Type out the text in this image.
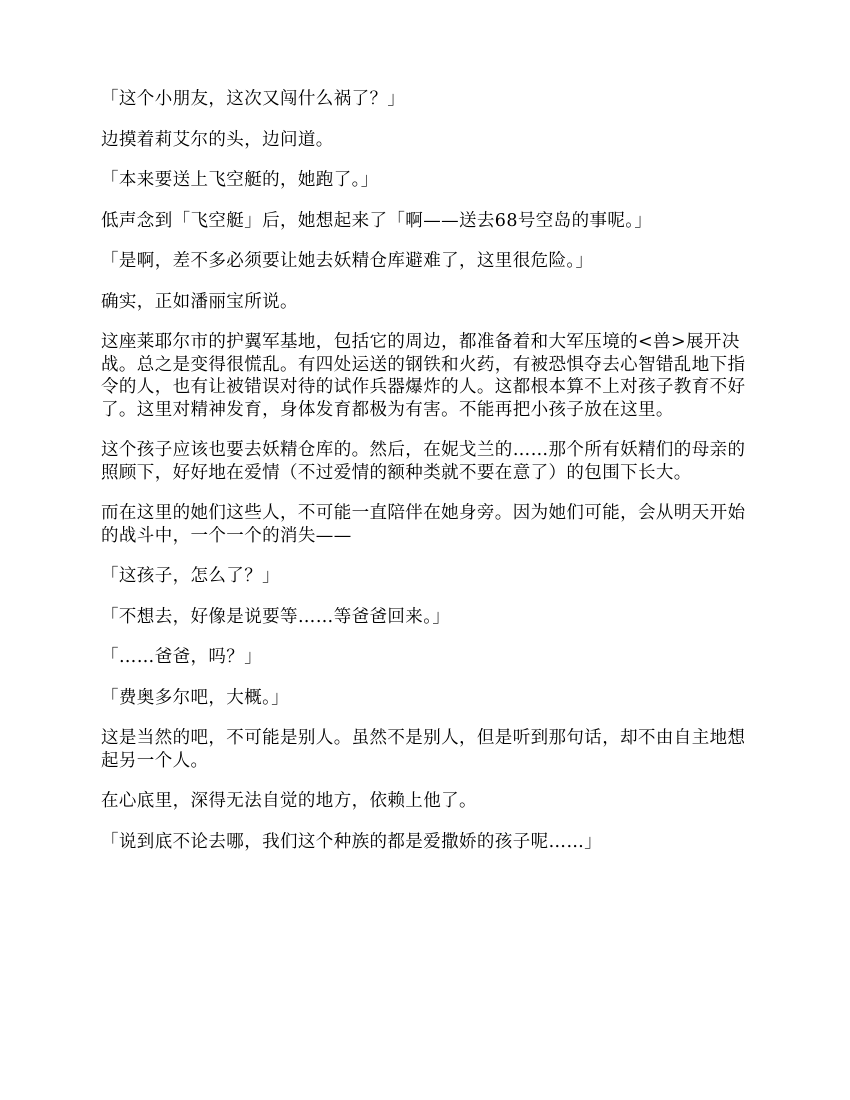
「这个小朋友，这次又闯什么祸了？」

边摸着莉艾尔的头，边问道。

「本来要送上飞空艇的，她跑了。」

低声念到「飞空艇」后，她想起来了「啊——送去68号空岛的事呢。」

「是啊，差不多必须要让她去妖精仓库避难了，这里很危险。」

确实，正如潘丽宝所说。

这座莱耶尔市的护翼军基地，包括它的周边，都准备着和大军压境的<兽>展开决战。总之是变得很慌乱。有四处运送的钢铁和火药，有被恐惧夺去心智错乱地下指令的人，也有让被错误对待的试作兵器爆炸的人。这都根本算不上对孩子教育不好了。这里对精神发育，身体发育都极为有害。不能再把小孩子放在这里。

这个孩子应该也要去妖精仓库的。然后，在妮戈兰的……那个所有妖精们的母亲的照顾下，好好地在爱情（不过爱情的额种类就不要在意了）的包围下长大。

而在这里的她们这些人，不可能一直陪伴在她身旁。因为她们可能，会从明天开始的战斗中，一个一个的消失——

「这孩子，怎么了？」

「不想去，好像是说要等……等爸爸回来。」

「……爸爸，吗？」

「费奥多尔吧，大概。」

这是当然的吧，不可能是别人。虽然不是别人，但是听到那句话，却不由自主地想起另一个人。

在心底里，深得无法自觉的地方，依赖上他了。

「说到底不论去哪，我们这个种族的都是爱撒娇的孩子呢……」
